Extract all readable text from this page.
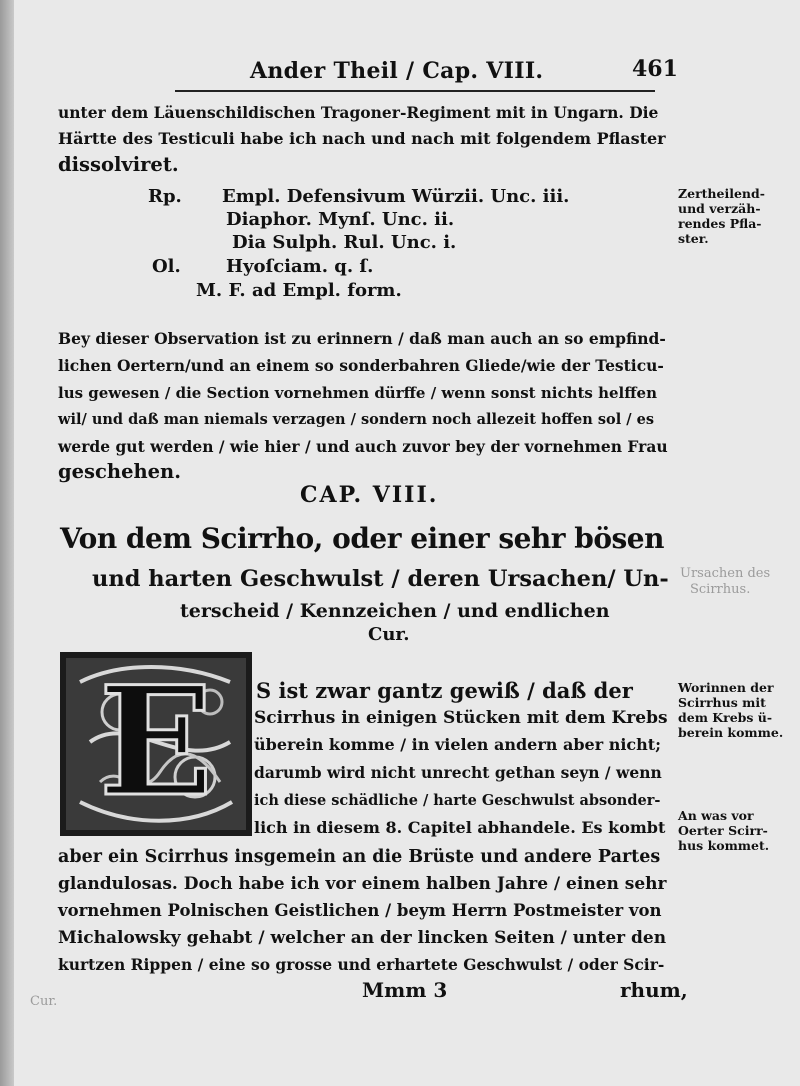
Ursachen des
Scirrhus.
Cur.
Ander Theil / Cap. VIII.	461
unter dem Läuenschildischen Tragoner-Regiment mit in Ungarn. Die
Härtte des Testiculi habe ich nach und nach mit folgendem Pflaster
dissolviret.
Rp. Empl. Defensivum Würzii. Unc. iii.
Diaphor. Mynſ. Unc. ii.
Dia Sulph. Rul. Unc. i.
Ol.	Hyoſciam. q. ſ.
M. F. ad Empl. form.
Zertheilend-
und verzäh-
rendes Pfla-
ster.
Bey dieser Observation ist zu erinnern / daß man auch an so empfind-
lichen Oertern/und an einem so sonderbahren Gliede/wie der Testicu-
lus gewesen / die Section vornehmen dürffe / wenn sonst nichts helffen
wil/ und daß man niemals verzagen / sondern noch allezeit hoffen sol / es
werde gut werden / wie hier / und auch zuvor bey der vornehmen Frau
geschehen.
CAP. VIII.
Von dem Scirrho, oder einer sehr bösen
und harten Geschwulst / deren Ursachen/ Un-
terscheid / Kennzeichen / und endlichen
Cur.
E S ist zwar gantz gewiß / daß der
Scirrhus in einigen Stücken mit dem Krebs
überein komme / in vielen andern aber nicht;
darumb wird nicht unrecht gethan seyn / wenn
ich diese schädliche / harte Geschwulst absonder-
lich in diesem 8. Capitel abhandele. Es kombt
Worinnen der
Scirrhus mit
dem Krebs ü-
berein komme.
An was vor
Oerter Scirr-
hus kommet.
aber ein Scirrhus insgemein an die Brüste und andere Partes
glandulosas. Doch habe ich vor einem halben Jahre / einen sehr
vornehmen Polnischen Geistlichen / beym Herrn Postmeister von
Michalowsky gehabt / welcher an der lincken Seiten / unter den
kurtzen Rippen / eine so grosse und erhartete Geschwulst / oder Scir-
Mmm 3	rhum,
